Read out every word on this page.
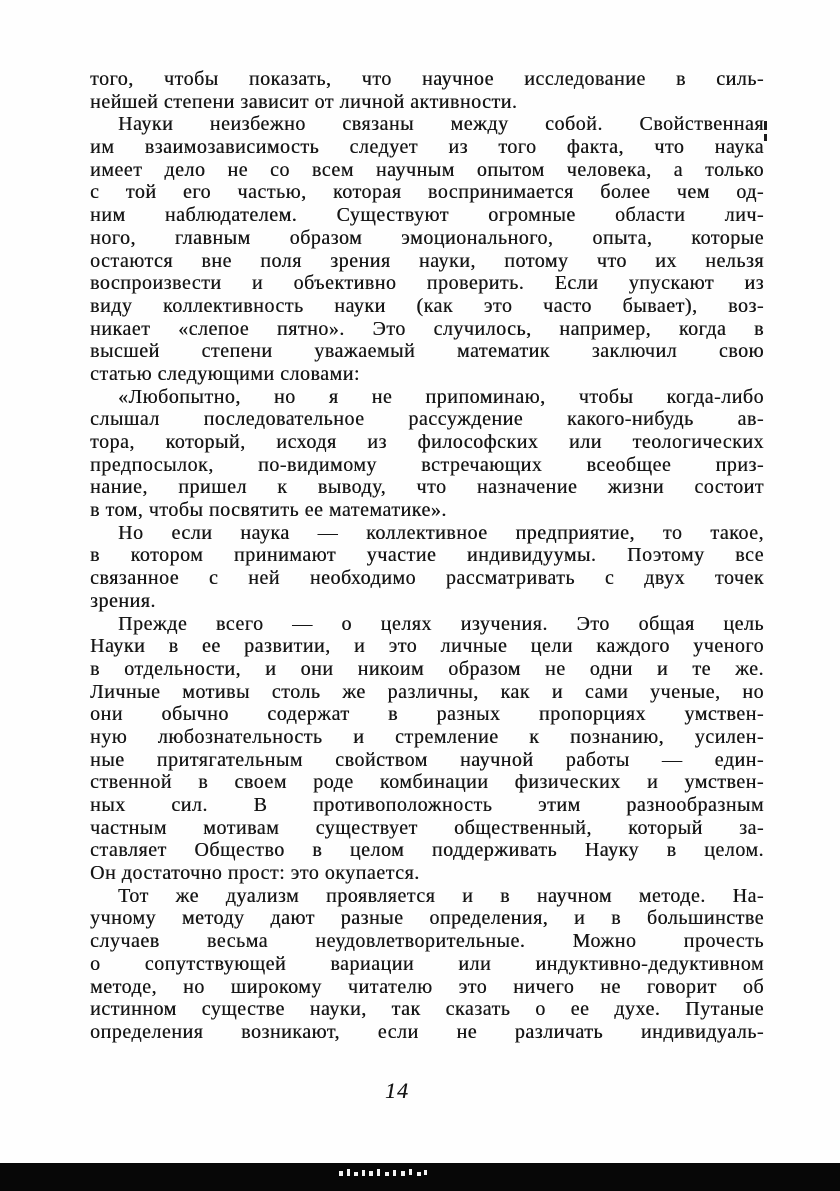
того, чтобы показать, что научное исследование в силь-
нейшей степени зависит от личной активности.
Науки неизбежно связаны между собой. Свойственная
им взаимозависимость следует из того факта, что наука
имеет дело не со всем научным опытом человека, а только
с той его частью, которая воспринимается более чем од-
ним наблюдателем. Существуют огромные области лич-
ного, главным образом эмоционального, опыта, которые
остаются вне поля зрения науки, потому что их нельзя
воспроизвести и объективно проверить. Если упускают из
виду коллективность науки (как это часто бывает), воз-
никает «слепое пятно». Это случилось, например, когда в
высшей степени уважаемый математик заключил свою
статью следующими словами:
«Любопытно, но я не припоминаю, чтобы когда-либо
слышал последовательное рассуждение какого-нибудь ав-
тора, который, исходя из философских или теологических
предпосылок, по-видимому встречающих всеобщее приз-
нание, пришел к выводу, что назначение жизни состоит
в том, чтобы посвятить ее математике».
Но если наука — коллективное предприятие, то такое,
в котором принимают участие индивидуумы. Поэтому все
связанное с ней необходимо рассматривать с двух точек
зрения.
Прежде всего — о целях изучения. Это общая цель
Науки в ее развитии, и это личные цели каждого ученого
в отдельности, и они никоим образом не одни и те же.
Личные мотивы столь же различны, как и сами ученые, но
они обычно содержат в разных пропорциях умствен-
ную любознательность и стремление к познанию, усилен-
ные притягательным свойством научной работы — един-
ственной в своем роде комбинации физических и умствен-
ных сил. В противоположность этим разнообразным
частным мотивам существует общественный, который за-
ставляет Общество в целом поддерживать Науку в целом.
Он достаточно прост: это окупается.
Тот же дуализм проявляется и в научном методе. На-
учному методу дают разные определения, и в большинстве
случаев весьма неудовлетворительные. Можно прочесть
о сопутствующей вариации или индуктивно-дедуктивном
методе, но широкому читателю это ничего не говорит об
истинном существе науки, так сказать о ее духе. Путаные
определения возникают, если не различать индивидуаль-
14
